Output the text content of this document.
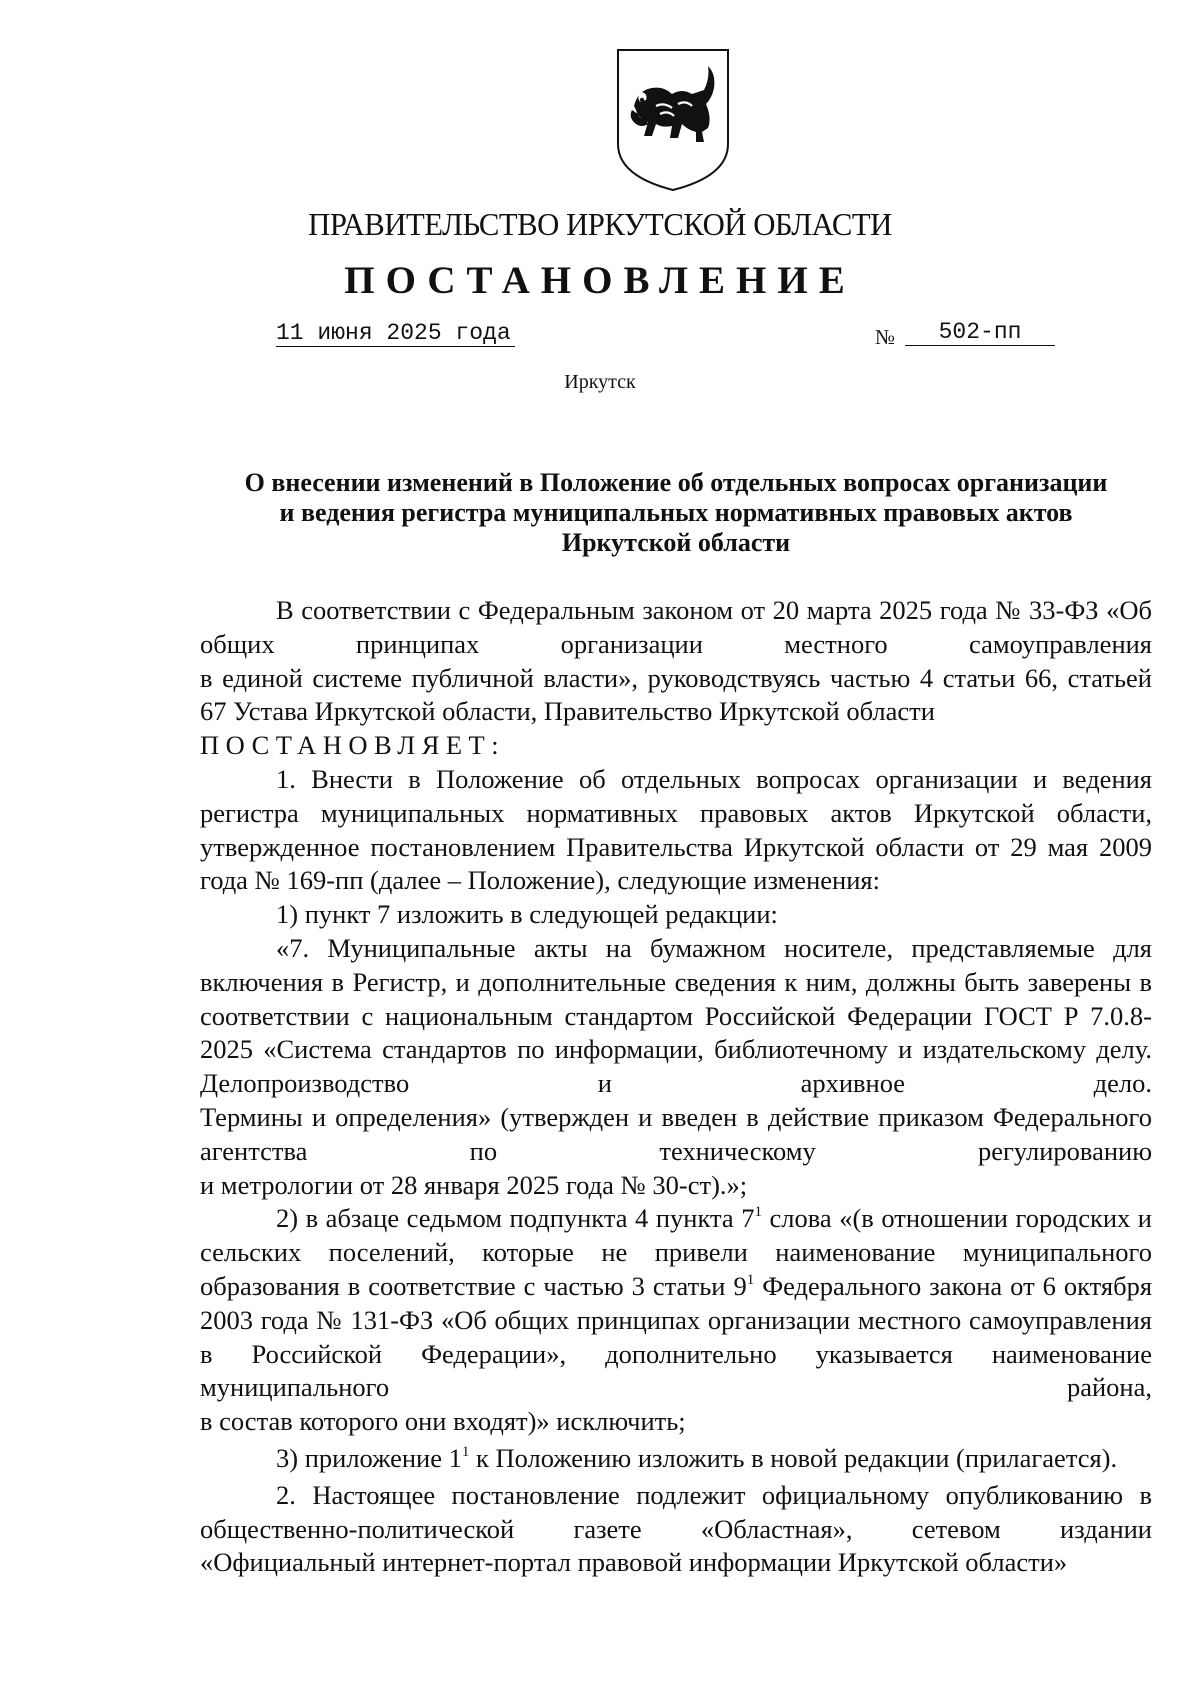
ПРАВИТЕЛЬСТВО ИРКУТСКОЙ ОБЛАСТИ
ПОСТАНОВЛЕНИЕ
11 июня 2025 года	№ 502-пп
Иркутск
О внесении изменений в Положение об отдельных вопросах организации
и ведения регистра муниципальных нормативных правовых актов
Иркутской области

В соответствии с Федеральным законом от 20 марта 2025 года № 33-ФЗ «Об общих принципах организации местного самоуправления

в единой системе публичной власти», руководствуясь частью 4 статьи 66, статьей 67 Устава Иркутской области, Правительство Иркутской области

ПОСТАНОВЛЯЕТ:

1. Внести в Положение об отдельных вопросах организации и ведения регистра муниципальных нормативных правовых актов Иркутской области, утвержденное постановлением Правительства Иркутской области от 29 мая 2009 года № 169-пп (далее – Положение), следующие изменения:

1) пункт 7 изложить в следующей редакции:

«7. Муниципальные акты на бумажном носителе, представляемые для включения в Регистр, и дополнительные сведения к ним, должны быть заверены в соответствии с национальным стандартом Российской Федерации ГОСТ Р 7.0.8-2025 «Система стандартов по информации, библиотечному и издательскому делу. Делопроизводство и архивное дело.

Термины и определения» (утвержден и введен в действие приказом Федерального агентства по техническому регулированию

и метрологии от 28 января 2025 года № 30-ст).»;

2) в абзаце седьмом подпункта 4 пункта $7^1$ слова «(в отношении городских и сельских поселений, которые не привели наименование муниципального образования в соответствие с частью 3 статьи $9^1$ Федерального закона от 6 октября 2003 года № 131-ФЗ «Об общих принципах организации местного самоуправления в Российской Федерации», дополнительно указывается наименование муниципального района,

в состав которого они входят)» исключить;

3) приложение $1^1$ к Положению изложить в новой редакции (прилагается).

2. Настоящее постановление подлежит официальному опубликованию в общественно-политической газете «Областная», сетевом издании

«Официальный интернет-портал правовой информации Иркутской области»
